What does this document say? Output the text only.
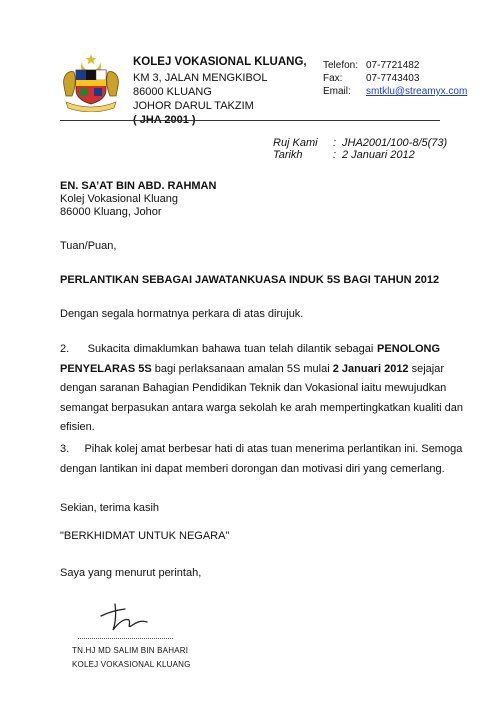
KOLEJ VOKASIONAL KLUANG,
KM 3, JALAN MENGKIBOL
86000 KLUANG
JOHOR DARUL TAKZIM
( JHA 2001 )
Telefon: 07-7721482
Fax: 07-7743403
Email: smtklu@streamyx.com
Ruj Kami : JHA2001/100-8/5(73)
Tarikh	: 2 Januari 2012
EN. SA’AT BIN ABD. RAHMAN
Kolej Vokasional Kluang
86000 Kluang, Johor
Tuan/Puan,
PERLANTIKAN SEBAGAI JAWATANKUASA INDUK 5S BAGI TAHUN 2012
Dengan segala hormatnya perkara di atas dirujuk.
2.     Sukacita dimaklumkan bahawa tuan telah dilantik sebagai PENOLONG
PENYELARAS 5S bagi perlaksanaan amalan 5S mulai 2 Januari 2012 sejajar
dengan saranan Bahagian Pendidikan Teknik dan Vokasional iaitu mewujudkan
semangat berpasukan antara warga sekolah ke arah mempertingkatkan kualiti dan
efisien.
3.     Pihak kolej amat berbesar hati di atas tuan menerima perlantikan ini. Semoga
dengan lantikan ini dapat memberi dorongan dan motivasi diri yang cemerlang.
Sekian, terima kasih
"BERKHIDMAT UNTUK NEGARA"
Saya yang menurut perintah,
TN.HJ MD SALIM BIN BAHARI
KOLEJ VOKASIONAL KLUANG
